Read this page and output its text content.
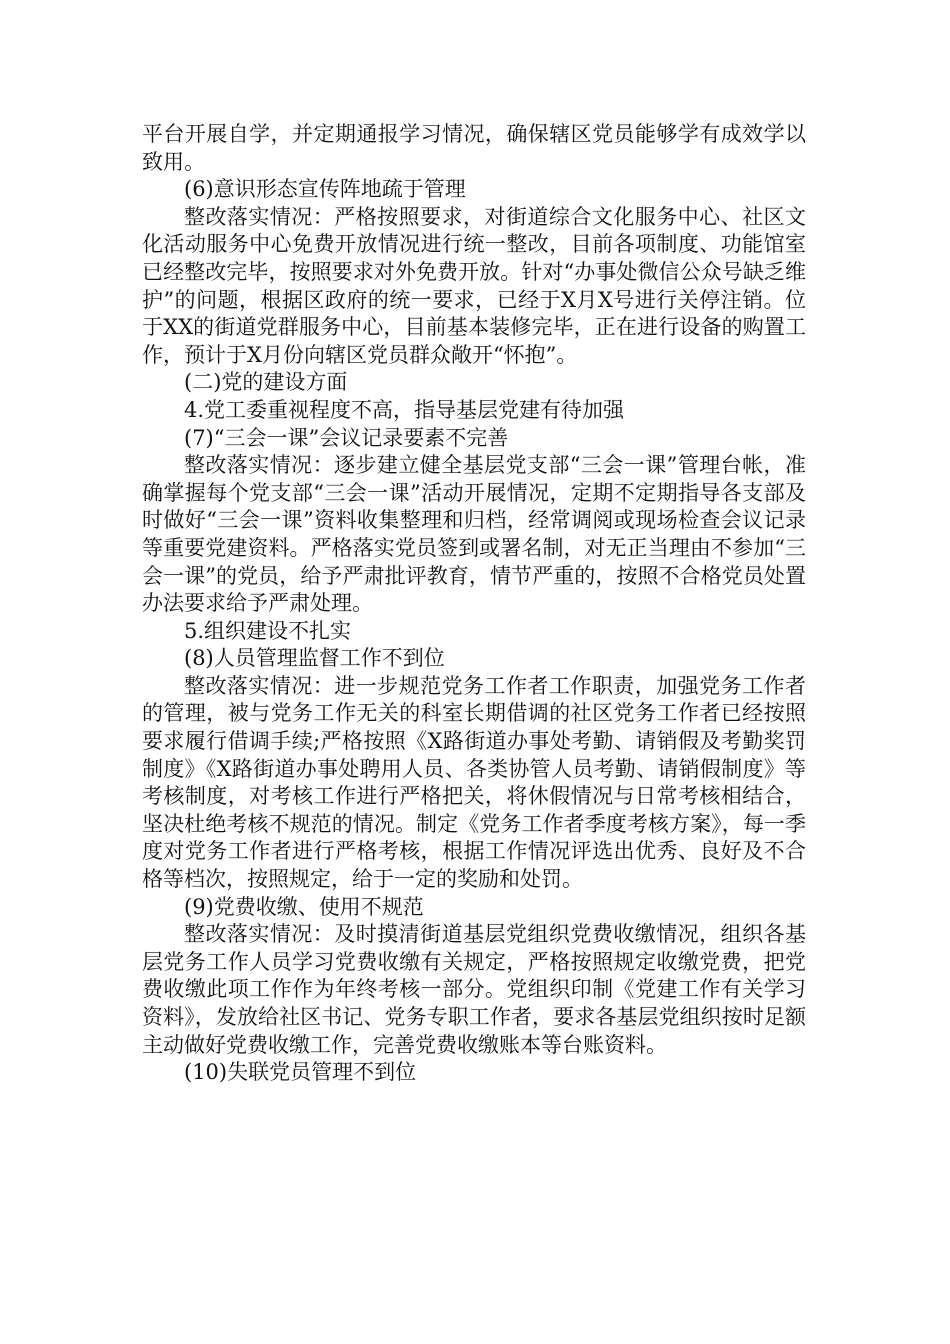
平台开展自学，并定期通报学习情况，确保辖区党员能够学有成效学以致用。

(6)意识形态宣传阵地疏于管理

整改落实情况：严格按照要求，对街道综合文化服务中心、社区文化活动服务中心免费开放情况进行统一整改，目前各项制度、功能馆室已经整改完毕，按照要求对外免费开放。针对“办事处微信公众号缺乏维护”的问题，根据区政府的统一要求，已经于X月X号进行关停注销。位于XX的街道党群服务中心，目前基本装修完毕，正在进行设备的购置工作，预计于X月份向辖区党员群众敞开“怀抱”。

(二)党的建设方面

4.党工委重视程度不高，指导基层党建有待加强

(7)“三会一课”会议记录要素不完善

整改落实情况：逐步建立健全基层党支部“三会一课”管理台帐，准确掌握每个党支部“三会一课”活动开展情况，定期不定期指导各支部及时做好“三会一课”资料收集整理和归档，经常调阅或现场检查会议记录等重要党建资料。严格落实党员签到或署名制，对无正当理由不参加“三会一课”的党员，给予严肃批评教育，情节严重的，按照不合格党员处置办法要求给予严肃处理。

5.组织建设不扎实

(8)人员管理监督工作不到位

整改落实情况：进一步规范党务工作者工作职责，加强党务工作者的管理，被与党务工作无关的科室长期借调的社区党务工作者已经按照要求履行借调手续;严格按照《X路街道办事处考勤、请销假及考勤奖罚制度》《X路街道办事处聘用人员、各类协管人员考勤、请销假制度》等考核制度，对考核工作进行严格把关，将休假情况与日常考核相结合，坚决杜绝考核不规范的情况。制定《党务工作者季度考核方案》，每一季度对党务工作者进行严格考核，根据工作情况评选出优秀、良好及不合格等档次，按照规定，给于一定的奖励和处罚。

(9)党费收缴、使用不规范

整改落实情况：及时摸清街道基层党组织党费收缴情况，组织各基层党务工作人员学习党费收缴有关规定，严格按照规定收缴党费，把党费收缴此项工作作为年终考核一部分。党组织印制《党建工作有关学习资料》，发放给社区书记、党务专职工作者，要求各基层党组织按时足额主动做好党费收缴工作，完善党费收缴账本等台账资料。

(10)失联党员管理不到位
